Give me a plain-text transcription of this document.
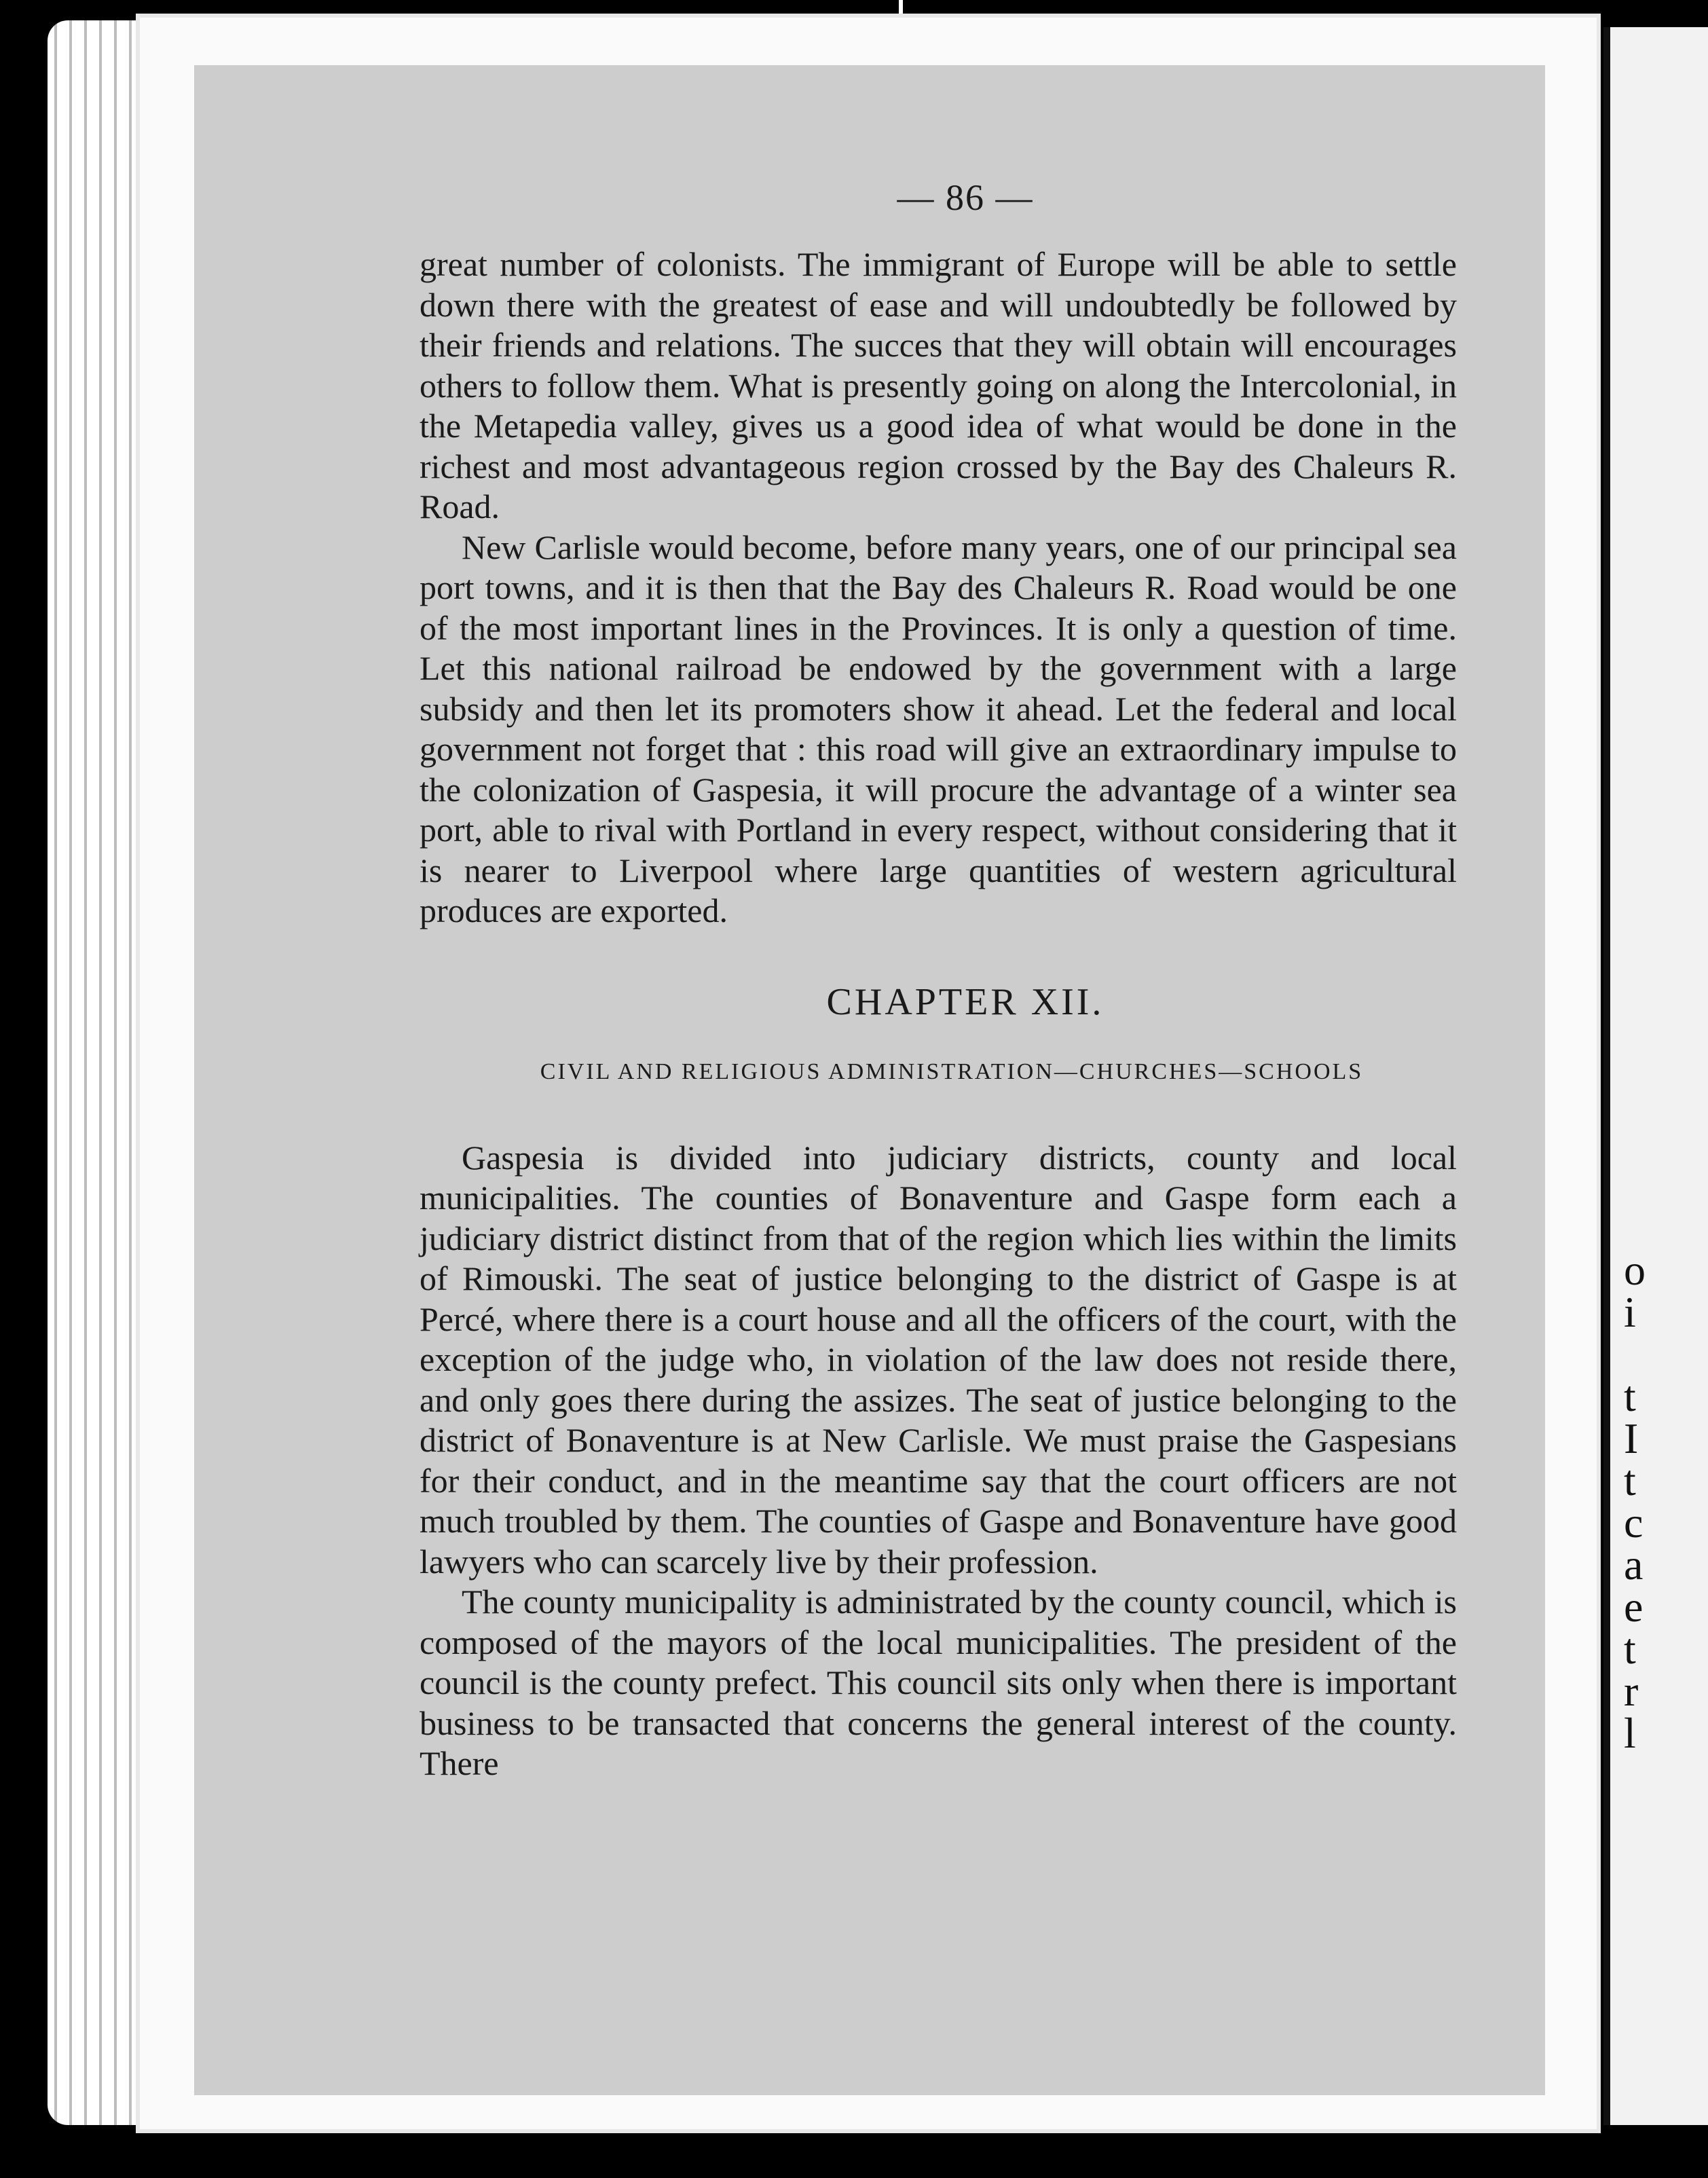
o
i

t
I
t
c
a
e
t
r
l
— 86 —

great number of colonists. The immigrant of Europe will be able to settle down there with the greatest of ease and will undoubtedly be followed by their friends and relations. The succes that they will obtain will encourages others to follow them. What is presently going on along the Intercolonial, in the Metapedia valley, gives us a good idea of what would be done in the richest and most advantageous region crossed by the Bay des Chaleurs R. Road.

New Carlisle would become, before many years, one of our principal sea port towns, and it is then that the Bay des Chaleurs R. Road would be one of the most important lines in the Provinces. It is only a question of time. Let this national railroad be endowed by the government with a large subsidy and then let its promoters show it ahead. Let the federal and local government not forget that : this road will give an extraordinary impulse to the colonization of Gaspesia, it will procure the advantage of a winter sea port, able to rival with Portland in every respect, without considering that it is nearer to Liverpool where large quantities of western agricultural produces are exported.

CHAPTER XII.
CIVIL AND RELIGIOUS ADMINISTRATION—CHURCHES—SCHOOLS

Gaspesia is divided into judiciary districts, county and local municipalities. The counties of Bonaventure and Gaspe form each a judiciary district distinct from that of the region which lies within the limits of Rimouski. The seat of justice belonging to the district of Gaspe is at Percé, where there is a court house and all the officers of the court, with the exception of the judge who, in violation of the law does not reside there, and only goes there during the assizes. The seat of justice belonging to the district of Bonaventure is at New Carlisle. We must praise the Gaspesians for their conduct, and in the meantime say that the court officers are not much troubled by them. The counties of Gaspe and Bonaventure have good lawyers who can scarcely live by their profession.

The county municipality is administrated by the county council, which is composed of the mayors of the local municipalities. The president of the council is the county prefect. This council sits only when there is important business to be transacted that concerns the general interest of the county. There
